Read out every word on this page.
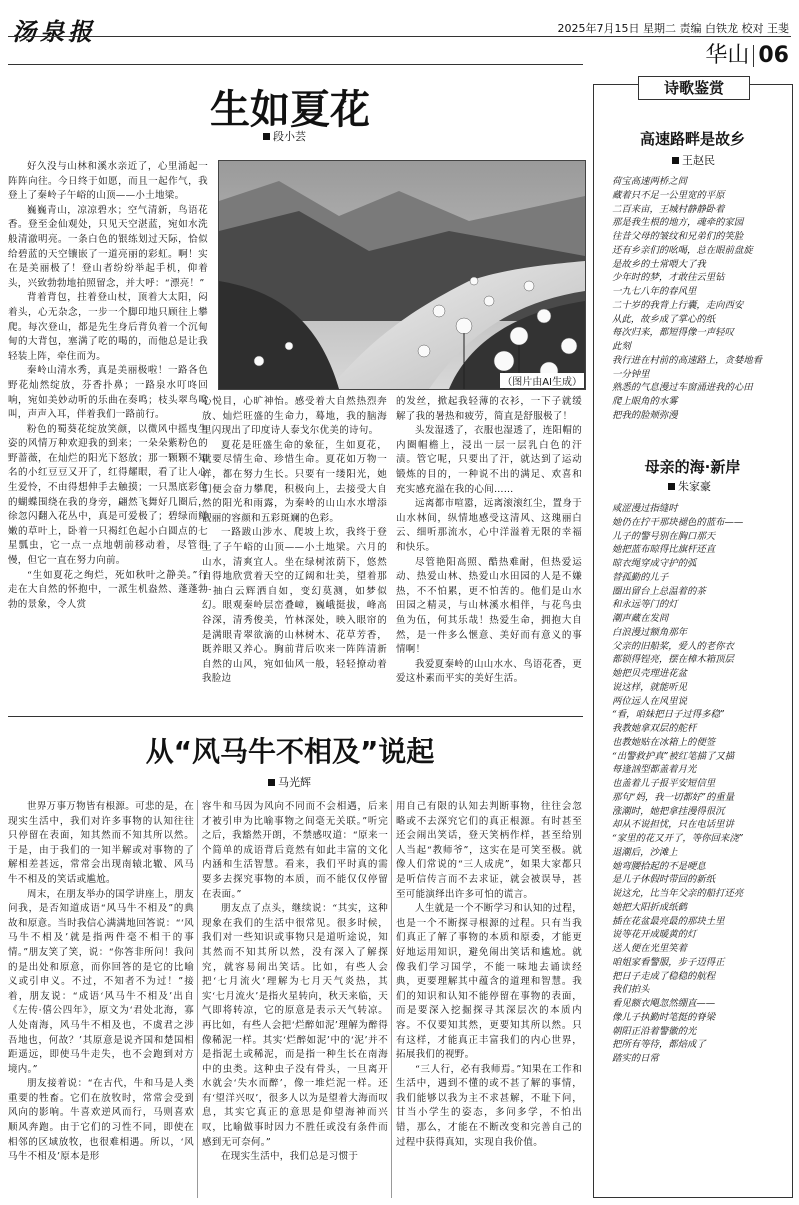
汤泉报	2025年7月15日 星期二 责编 白铁龙 校对 王斐
华山 06
生如夏花
段小芸
（图片由AI生成）

好久没与山林和溪水亲近了，心里涌起一阵阵向往。今日终于如愿，而且一起作气，我登上了秦岭子午峪的山顶——小土地梁。

巍巍青山，凉凉碧水；空气清新，鸟语花香。登至金仙观处，只见天空湛蓝，宛如水洗般清澈明亮。一条白色的银练划过天际，恰似给碧蓝的天空镶嵌了一道亮丽的彩虹。啊！实在是美丽极了！登山者纷纷举起手机，仰着头，兴致勃勃地拍照留念，并大呼：“漂亮！”

背着背包，拄着登山杖，顶着大太阳，闷着头，心无杂念，一步一个脚印地只顾往上攀爬。每次登山，都是先生身后背负着一个沉甸甸的大背包，塞满了吃的喝的，而他总是让我轻装上阵，牵住而为。

秦岭山清水秀，真是美丽极啦！一路各色野花灿然绽放，芬香扑鼻；一路泉水叮咚回响，宛如美妙动听的乐曲在奏鸣；枝头翠鸟鸣叫，声声入耳，伴着我们一路前行。

粉色的蜀葵花绽放笑颜，以微风中摇曳生姿的风情万种欢迎我的到来；一朵朵紫粉色的野蔷薇，在灿烂的阳光下怒放；那一颗颗不知名的小红豆豆又开了，红得耀眼，看了让人心生爱怜，不由得想伸手去触摸；一只黑底彩色的蝴蝶围绕在我的身旁，翩然飞舞好几圈后，徐忽闪翻入花丛中，真是可爱极了；碧绿而鲜嫩的草叶上，卧着一只褐红色起小白圆点的七星瓢虫，它一点一点地朝前移动着，尽管很慢，但它一直在努力向前。

“生如夏花之绚烂，死如秋叶之静美。”行走在大自然的怀抱中，一派生机盎然、蓬蓬勃勃的景象，令人赏

心悦目，心旷神怡。感受着大自然热烈奔放、灿烂旺盛的生命力，蓦地，我的脑海里闪现出了印度诗人泰戈尔优美的诗句。

夏花是旺盛生命的象征，生如夏花，就要尽情生命、珍惜生命。夏花如万物一样，都在努力生长。只要有一缕阳光，她们便会奋力攀爬，积极向上，去接受大自然的阳光和雨露，为秦岭的山山水水增添靓丽的容颜和五彩斑斓的色彩。

一路跋山涉水、爬坡上坎，我终于登上了子午峪的山顶——小土地梁。六月的山水，清爽宜人。坐在绿树浓荫下，悠然自得地欣赏着天空的辽阔和壮美，望着那一抽白云辉洒自如，变幻莫测，如梦似幻。眼观秦岭层峦叠嶂，巍峨挺拔，峰高谷深，清秀俊美，竹林深处，映入眼帘的是满眼青翠欲滴的山林树木、花草芳香，既养眼又养心。胸前背后吹来一阵阵清新自然的山风，宛如仙风一般，轻轻撩动着我脸边

的发丝，掀起我轻薄的衣衫，一下子就缓解了我的暑热和疲劳，简直是舒服极了！

头发湿透了，衣服也湿透了，连阳帽的内圈帽檐上，浸出一层一层乳白色的汗渍。管它呢，只要出了汗，就达到了运动锻炼的目的，一种说不出的满足、欢喜和充实感充溢在我的心间……

远离都市喧嚣，远离滚滚红尘，置身于山水林间，纵情地感受这清风、这瑰丽白云、细听那流水，心中洋溢着无限的幸福和快乐。

尽管艳阳高照、酷热难耐，但热爱运动、热爱山林、热爱山水田园的人是不嫌热，不不怕累，更不怕苦的。他们是山水田园之精灵，与山林溪水相伴，与花鸟虫鱼为伍，何其乐哉！热爱生命，拥抱大自然，是一件多么惬意、美好而有意义的事情啊！

我爱夏秦岭的山山水水、鸟语花香，更爱这朴素而平实的美好生活。

从“风马牛不相及”说起
马光辉

世界万事万物皆有根源。可悲的是，在现实生活中，我们对许多事物的认知往往只停留在表面，知其然而不知其所以然。于是，由于我们的一知半解或对事物的了解相差甚远，常常会出现南辕北辙、风马牛不相及的笑话或尴尬。

周末，在朋友举办的国学讲座上，朋友问我，是否知道成语“风马牛不相及”的典故和原意。当时我信心满满地回答说：“‘风马牛不相及’就是指两件毫不相干的事情。”朋友笑了笑，说：“你答非所问！我问的是出处和原意，而你回答的是它的比喻义或引申义。不过，不知者不为过！”接着，朋友说：“成语‘风马牛不相及’出自《左传·僖公四年》，原文为‘君处北海，寡人处南海，风马牛不相及也，不虞君之涉吾地也，何故？’其原意是说齐国和楚国相距遥远，即使马牛走失，也不会跑到对方境内。”

朋友接着说：“在古代，牛和马是人类重要的牲畜。它们在放牧时，常常会受到风向的影响。牛喜欢逆风而行，马则喜欢顺风奔跑。由于它们的习性不同，即使在相邻的区域放牧，也很难相遇。所以，‘风马牛不相及’原本是形

容牛和马因为风向不同而不会相遇，后来才被引申为比喻事物之间毫无关联。”听完之后，我豁然开朗，不禁感叹道：“原来一个简单的成语背后竟然有如此丰富的文化内涵和生活智慧。看来，我们平时真的需要多去探究事物的本质，而不能仅仅停留在表面。”

朋友点了点头，继续说：“其实，这种现象在我们的生活中很常见。很多时候，我们对一些知识或事物只是道听途说，知其然而不知其所以然，没有深入了解探究，就容易闹出笑话。比如，有些人会把‘七月流火’理解为七月天气炎热，其实‘七月流火’是指火星转向，秋天来临，天气即将转凉，它的原意是表示天气转凉。再比如，有些人会把‘烂醉如泥’理解为醉得像稀泥一样。其实‘烂醉如泥’中的‘泥’并不是指泥土或稀泥，而是指一种生长在南海中的虫类。这种虫子没有骨头，一旦离开水就会‘失水而醉’，像一堆烂泥一样。还有‘望洋兴叹’，很多人以为是望着大海而叹息，其实它真正的意思是仰望海神而兴叹，比喻做事时因力不胜任或没有条件而感到无可奈何。”

在现实生活中，我们总是习惯于

用自己有限的认知去判断事物，往往会忽略或不去深究它们的真正根源。有时甚至还会闹出笑话，登天笑柄作样，甚至给别人当起“教师爷”，这实在是可笑至极。就像人们常说的“三人成虎”，如果大家都只是听信传言而不去求证，就会被误导，甚至可能演绎出许多可怕的谎言。

人生就是一个不断学习和认知的过程，也是一个不断探寻根源的过程。只有当我们真正了解了事物的本质和原委，才能更好地运用知识，避免闹出笑话和尴尬。就像我们学习国学，不能一味地去诵读经典，更要理解其中蕴含的道理和智慧。我们的知识和认知不能停留在事物的表面，而是要深入挖掘探寻其深层次的本质内容。不仅要知其然，更要知其所以然。只有这样，才能真正丰富我们的内心世界，拓展我们的视野。

“三人行，必有我师焉。”知果在工作和生活中，遇到不懂的或不甚了解的事情，我们能够以我为主不求甚解，不耻下问，甘当小学生的姿态，多问多学，不怕出错，那么，才能在不断改变和完善自己的过程中获得真知，实现自我价值。

诗歌鉴赏
高速路畔是故乡
王赵民
荷宝高速两桥之间
藏着只不足一公里宽的平原
二百来亩，王城村静静卧着
那是我生根的地方，魂牵的家园
往昔父母的皱纹和兄弟们的笑脸
还有乡亲们的吆喝，总在眼前盘旋
是故乡的土常喂大了我
少年时的梦，才敢往云里钻
一九七八年的春风里
二十岁的我背上行囊，走向西安
从此，故乡成了掌心的纸
每次归来，都短得像一声轻叹
此刻
我行进在村前的高速路上，贪婪地看
一分钟里
熟悉的气息漫过车窗涌进我的心田
爬上眼角的水雾
把我的脸颊弥漫
母亲的海·新岸
朱家豪
咸涩漫过指缝时
她仍在拧干那块褪色的蓝布——
儿子的警号别在胸口那天
她把蓝布晾得比旗杆还直
晾衣绳穿成守护的弧
替孤勤的儿子
圈出留台上总温着的茶
和永远等门的灯
潮声藏在发间
白浪漫过额角那年
父亲的旧船桨，爱人的老你衣
都锁得锃亮，摆在樟木箱顶层
她把贝壳理进花盆
说这样，就能听见
两位远人在风里说
“看，咱妹把日子过得多稳”
我教她拿双层的舵杆
也教她贴在冰箱上的便签
“出警救护真”被红笔描了又描
每逢汹型都盖着月光
也盖着儿子报平安短信里
那句“妈，我一切都好”的重量
涨潮时，她把拿挂漫得很沉
却从不说担忧，只在电话里讲
“家里的花又开了，等你回来浇”
退潮后，沙滩上
她弯腰拾起的不是哽息
是儿子休假时带回的新纸
说这允，比当年父亲的船打还亮
她把大阳折成纸鹤
插在花盆最亮最的那块土里
说等花开成暖黄的灯
送人便在光里笑着
咱姐家看警服，步子迈得正
把日子走成了稳稳的航程
我们拍头
看见额衣飓忽然绷直——
像儿子执勤时笔挺的脊梁
朝阳正沿着警徽的光
把所有等待，都焙成了
踏实的日常
